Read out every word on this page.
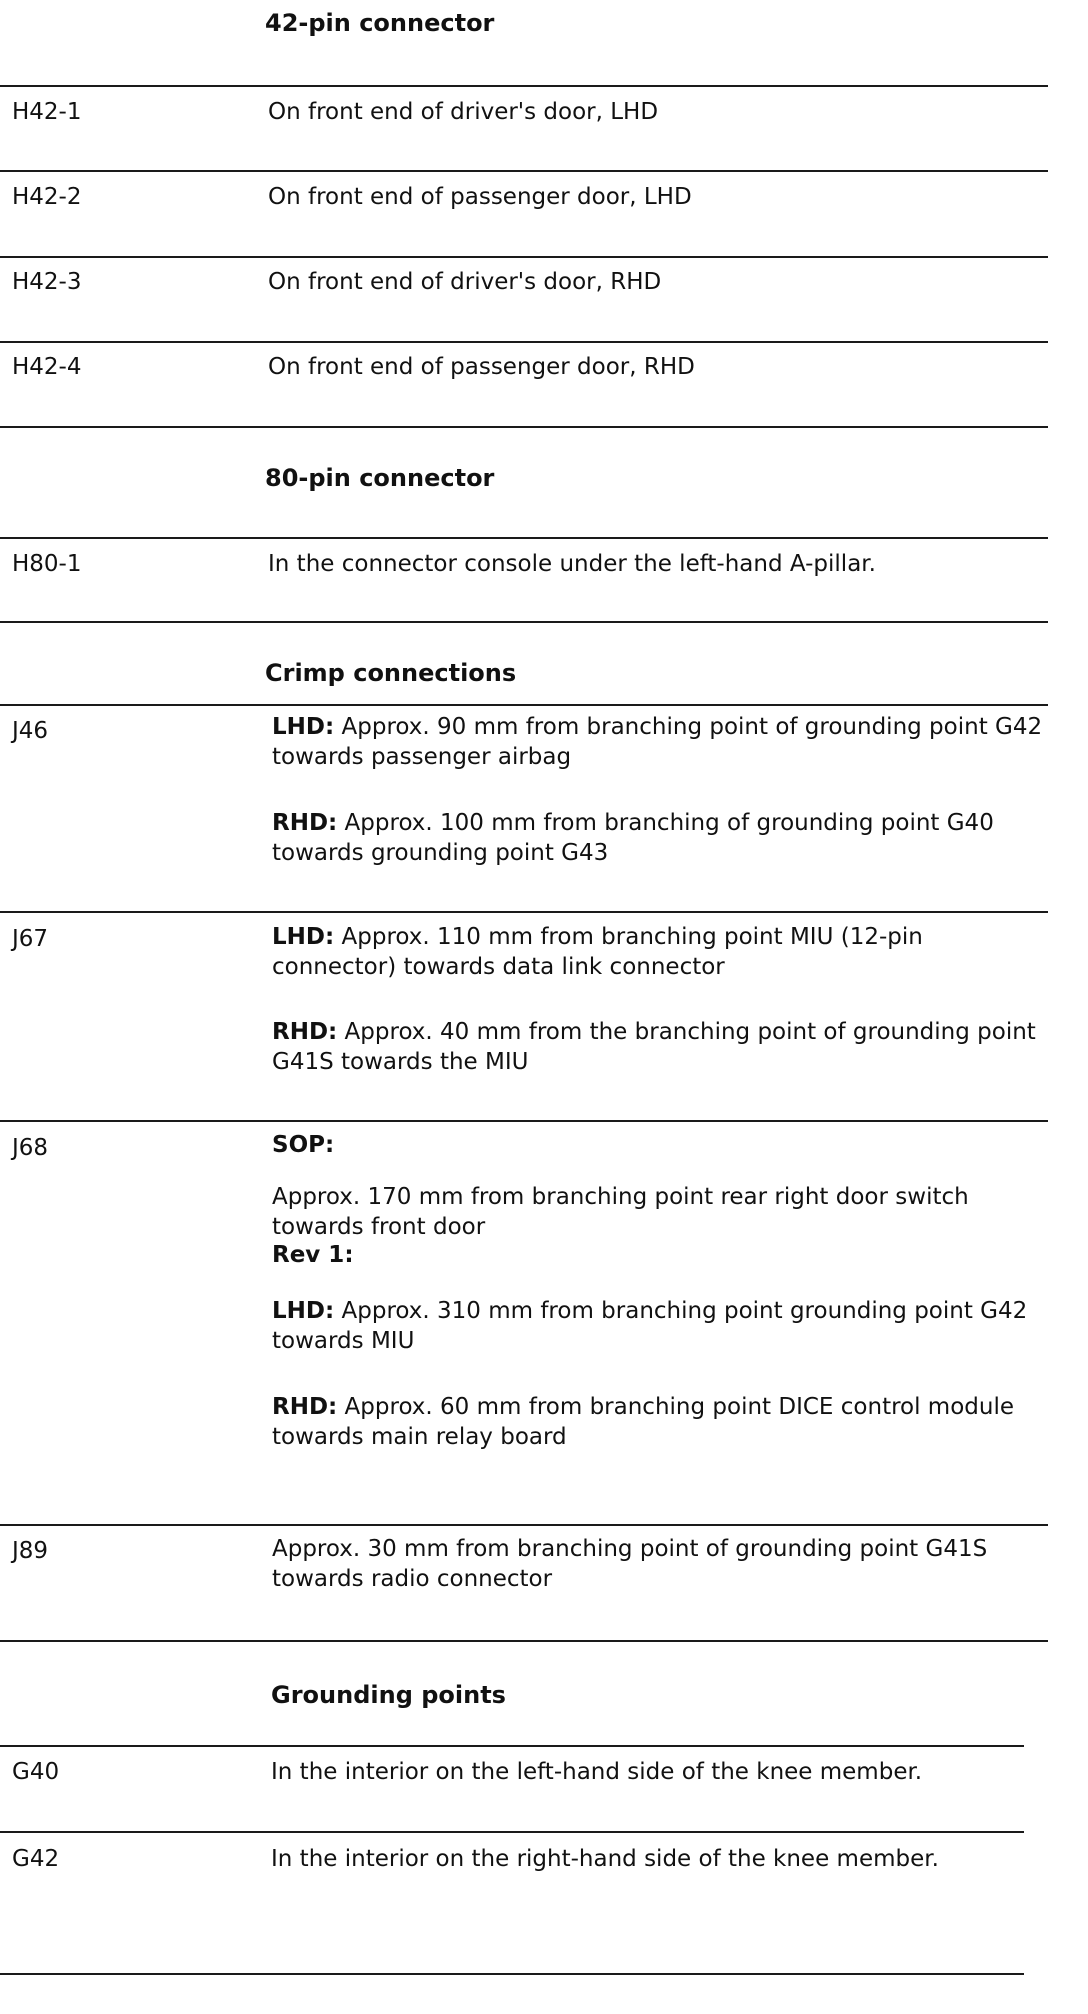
42-pin connector
H42-1	On front end of driver's door, LHD
H42-2	On front end of passenger door, LHD
H42-3	On front end of driver's door, RHD
H42-4	On front end of passenger door, RHD
80-pin connector
H80-1	In the connector console under the left-hand A-pillar.
Crimp connections
J46	LHD: Approx. 90 mm from branching point of grounding point G42 towards passenger airbag
RHD: Approx. 100 mm from branching of grounding point G40 towards grounding point G43
J67	LHD: Approx. 110 mm from branching point MIU (12-pin connector) towards data link connector
RHD: Approx. 40 mm from the branching point of grounding point G41S towards the MIU
J68	SOP:
Approx. 170 mm from branching point rear right door switch towards front door
Rev 1:
LHD: Approx. 310 mm from branching point grounding point G42 towards MIU
RHD: Approx. 60 mm from branching point DICE control module towards main relay board
J89	Approx. 30 mm from branching point of grounding point G41S towards radio connector
Grounding points
G40	In the interior on the left-hand side of the knee member.
G42	In the interior on the right-hand side of the knee member.
